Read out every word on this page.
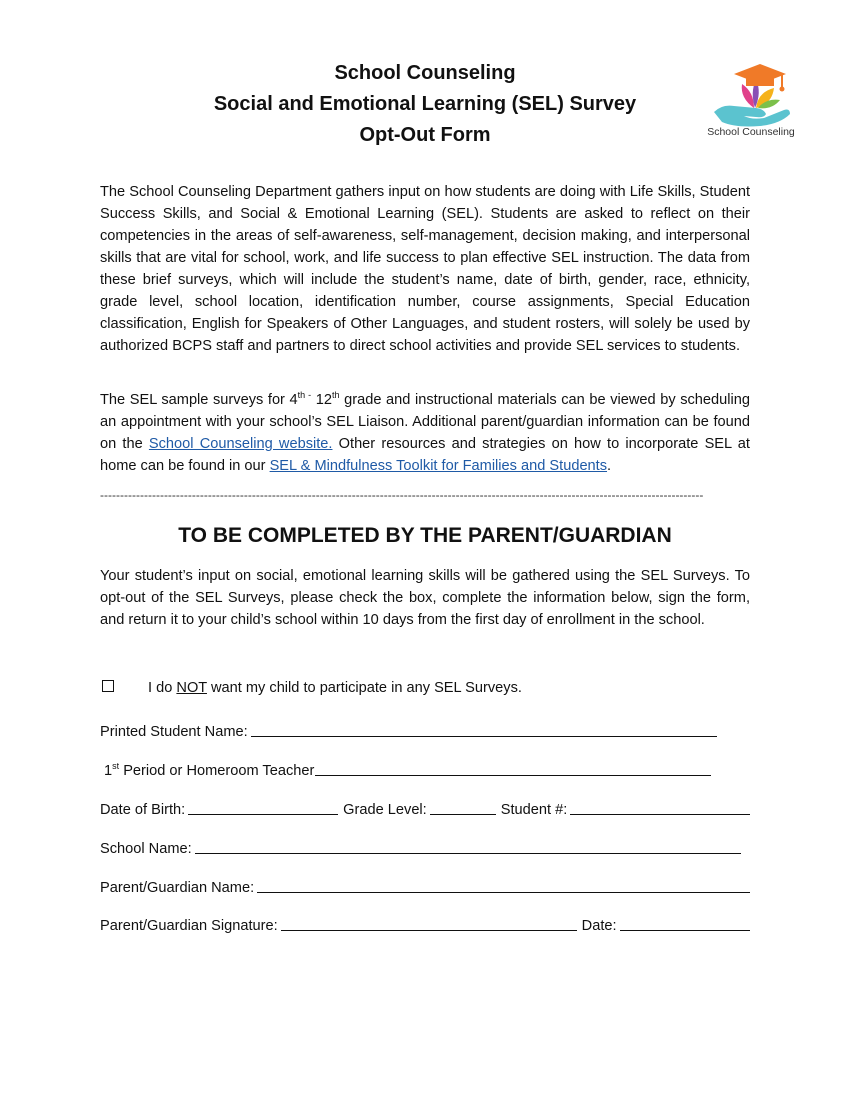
School Counseling
Social and Emotional Learning (SEL) Survey
Opt-Out Form	School Counseling
The School Counseling Department gathers input on how students are doing with Life Skills, Student Success Skills, and Social & Emotional Learning (SEL). Students are asked to reflect on their competencies in the areas of self-awareness, self-management, decision making, and interpersonal skills that are vital for school, work, and life success to plan effective SEL instruction. The data from these brief surveys, which will include the student’s name, date of birth, gender, race, ethnicity, grade level, school location, identification number, course assignments, Special Education classification, English for Speakers of Other Languages, and student rosters, will solely be used by authorized BCPS staff and partners to direct school activities and provide SEL services to students.
The SEL sample surveys for $4^{th -}$ 12th grade and instructional materials can be viewed by scheduling an appointment with your school’s SEL Liaison. Additional parent/guardian information can be found on the School Counseling website. Other resources and strategies on how to incorporate SEL at home can be found in our SEL & Mindfulness Toolkit for Families and Students.
-------------------------------------------------------------------------------------------------------------------------------------------------------
TO BE COMPLETED BY THE PARENT/GUARDIAN
Your student’s input on social, emotional learning skills will be gathered using the SEL Surveys. To opt-out of the SEL Surveys, please check the box, complete the information below, sign the form, and return it to your child’s school within 10 days from the first day of enrollment in the school.
I do NOT want my child to participate in any SEL Surveys.
Printed Student Name:
1st Period or Homeroom Teacher
Date of Birth:	Grade Level:	Student #:
School Name:
Parent/Guardian Name:
Parent/Guardian Signature:	Date:
